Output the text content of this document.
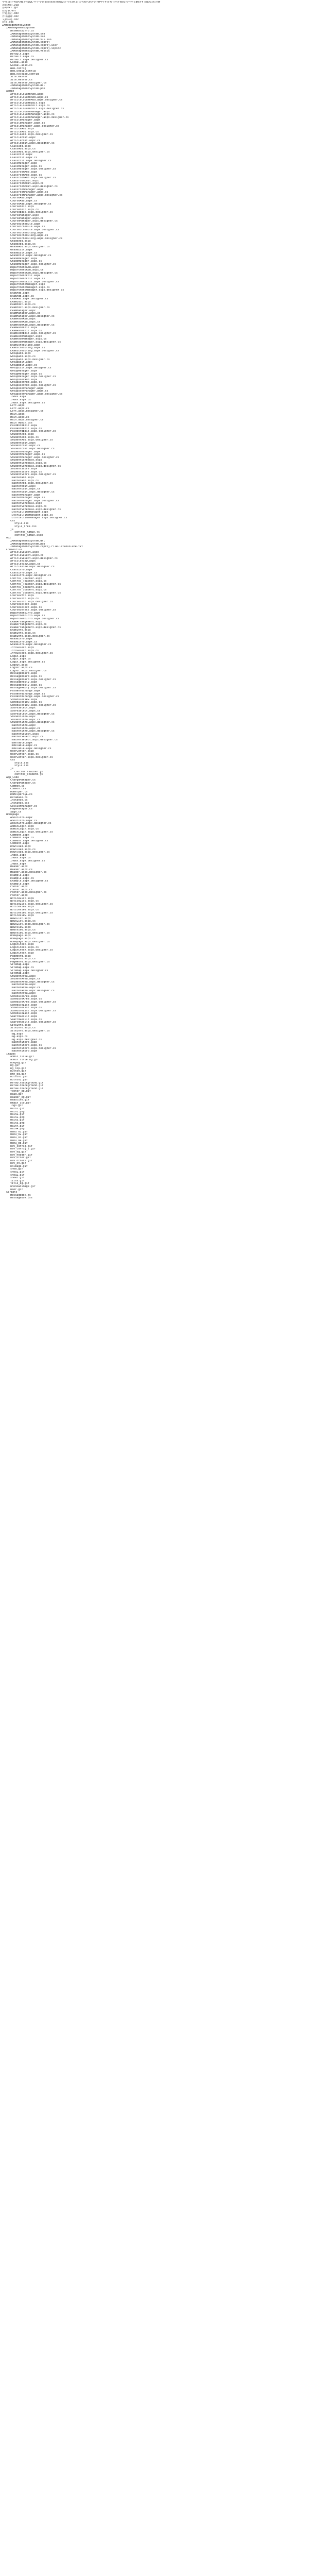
毕业设计-ASP.NET+SQL-中小学智能排课系统的设计与实现(论文+源代码+答辩PPT+任务书+开题报告+外文翻译+文献综述).rar
项目源码.zip
答辩PPT.ppt
任务书.doc
开题报告.doc
外文翻译.doc
文献综述.doc
论文.doc
ZXManagementSystem
ZXManagementSystem
AssemblyInfo.cs
ZXManagementSystem.sln
ZXManagementSystem.suo
ZXManagementSystem.v11.suo
ZXManagementSystem.csproj
ZXManagementSystem.csproj.user
ZXManagementSystem.csproj.vspscc
ZXManagementSystem.vssscc
Default.aspx
Default.aspx.cs
Default.aspx.designer.cs
Global.asax
Global.asax.cs
Web.config
Web.Debug.config
Web.Release.config
Site.Master
Site.Master.cs
Site.Master.designer.cs
ZXManagementSystem.dll
ZXManagementSystem.pdb
Admin
ArticleColumnAdd.aspx
ArticleColumnAdd.aspx.cs
ArticleColumnAdd.aspx.designer.cs
ArticleColumnEdit.aspx
ArticleColumnEdit.aspx.cs
ArticleColumnEdit.aspx.designer.cs
ArticleColumnManager.aspx
ArticleColumnManager.aspx.cs
ArticleColumnManager.aspx.designer.cs
ArticleManager.aspx
ArticleManager.aspx.cs
ArticleManager.aspx.designer.cs
ArticleAdd.aspx
ArticleAdd.aspx.cs
ArticleAdd.aspx.designer.cs
ArticleEdit.aspx
ArticleEdit.aspx.cs
ArticleEdit.aspx.designer.cs
ClassAdd.aspx
ClassAdd.aspx.cs
ClassAdd.aspx.designer.cs
ClassEdit.aspx
ClassEdit.aspx.cs
ClassEdit.aspx.designer.cs
ClassManager.aspx
ClassManager.aspx.cs
ClassManager.aspx.designer.cs
ClassroomAdd.aspx
ClassroomAdd.aspx.cs
ClassroomAdd.aspx.designer.cs
ClassroomEdit.aspx
ClassroomEdit.aspx.cs
ClassroomEdit.aspx.designer.cs
ClassroomManager.aspx
ClassroomManager.aspx.cs
ClassroomManager.aspx.designer.cs
CourseAdd.aspx
CourseAdd.aspx.cs
CourseAdd.aspx.designer.cs
CourseEdit.aspx
CourseEdit.aspx.cs
CourseEdit.aspx.designer.cs
CourseManager.aspx
CourseManager.aspx.cs
CourseManager.aspx.designer.cs
CourseSchedule.aspx
CourseSchedule.aspx.cs
CourseSchedule.aspx.designer.cs
CourseScheduling.aspx
CourseScheduling.aspx.cs
CourseScheduling.aspx.designer.cs
GradeAdd.aspx
GradeAdd.aspx.cs
GradeAdd.aspx.designer.cs
GradeEdit.aspx
GradeEdit.aspx.cs
GradeEdit.aspx.designer.cs
GradeManager.aspx
GradeManager.aspx.cs
GradeManager.aspx.designer.cs
DepartmentAdd.aspx
DepartmentAdd.aspx.cs
DepartmentAdd.aspx.designer.cs
DepartmentEdit.aspx
DepartmentEdit.aspx.cs
DepartmentEdit.aspx.designer.cs
DepartmentManager.aspx
DepartmentManager.aspx.cs
DepartmentManager.aspx.designer.cs
ExamAdd.aspx
ExamAdd.aspx.cs
ExamAdd.aspx.designer.cs
ExamEdit.aspx
ExamEdit.aspx.cs
ExamEdit.aspx.designer.cs
ExamManager.aspx
ExamManager.aspx.cs
ExamManager.aspx.designer.cs
ExamRoomAdd.aspx
ExamRoomAdd.aspx.cs
ExamRoomAdd.aspx.designer.cs
ExamRoomEdit.aspx
ExamRoomEdit.aspx.cs
ExamRoomEdit.aspx.designer.cs
ExamRoomManager.aspx
ExamRoomManager.aspx.cs
ExamRoomManager.aspx.designer.cs
ExamScheduling.aspx
ExamScheduling.aspx.cs
ExamScheduling.aspx.designer.cs
GroupAdd.aspx
GroupAdd.aspx.cs
GroupAdd.aspx.designer.cs
GroupEdit.aspx
GroupEdit.aspx.cs
GroupEdit.aspx.designer.cs
GroupManager.aspx
GroupManager.aspx.cs
GroupManager.aspx.designer.cs
GroupUserAdd.aspx
GroupUserAdd.aspx.cs
GroupUserAdd.aspx.designer.cs
GroupUserManager.aspx
GroupUserManager.aspx.cs
GroupUserManager.aspx.designer.cs
Index.aspx
Index.aspx.cs
Index.aspx.designer.cs
Left.aspx
Left.aspx.cs
Left.aspx.designer.cs
Main.aspx
Main.aspx.cs
Main.aspx.designer.cs
Main_Admin.css
PassWordEdit.aspx
PassWordEdit.aspx.cs
PassWordEdit.aspx.designer.cs
StudentAdd.aspx
StudentAdd.aspx.cs
StudentAdd.aspx.designer.cs
StudentEdit.aspx
StudentEdit.aspx.cs
StudentEdit.aspx.designer.cs
StudentManager.aspx
StudentManager.aspx.cs
StudentManager.aspx.designer.cs
StudentSchedule.aspx
StudentSchedule.aspx.cs
StudentSchedule.aspx.designer.cs
StudentScore.aspx
StudentScore.aspx.cs
StudentScore.aspx.designer.cs
TeacherAdd.aspx
TeacherAdd.aspx.cs
TeacherAdd.aspx.designer.cs
TeacherEdit.aspx
TeacherEdit.aspx.cs
TeacherEdit.aspx.designer.cs
TeacherManager.aspx
TeacherManager.aspx.cs
TeacherManager.aspx.designer.cs
TeacherSchedule.aspx
TeacherSchedule.aspx.cs
TeacherSchedule.aspx.designer.cs
TutorialTimeManager.aspx
TutorialTimeManager.aspx.cs
TutorialTimeManager.aspx.designer.cs
css
style.css
style_tree.css
js
control_Admin.js
control_Admin.aspx
obj
ZXManagementSystem.dll
ZXManagementSystem.pdb
ZXManagementSystem.csproj.FileListAbsolute.txt
CommonFile
ArticleSelect.aspx
ArticleSelect.aspx.cs
ArticleSelect.aspx.designer.cs
ArticleView.aspx
ArticleView.aspx.cs
ArticleView.aspx.designer.cs
ClassInfo.aspx
ClassInfo.aspx.cs
ClassInfo.aspx.designer.cs
Control_Teacher.aspx
Control_Teacher.aspx.cs
Control_Teacher.aspx.designer.cs
Control_Student.aspx
Control_Student.aspx.cs
Control_Student.aspx.designer.cs
CourseInfo.aspx
CourseInfo.aspx.cs
CourseInfo.aspx.designer.cs
CourseSelect.aspx
CourseSelect.aspx.cs
CourseSelect.aspx.designer.cs
DepartmentInfo.aspx
DepartmentInfo.aspx.cs
DepartmentInfo.aspx.designer.cs
ExamArrangement.aspx
ExamArrangement.aspx.cs
ExamArrangement.aspx.designer.cs
ExamInfo.aspx
ExamInfo.aspx.cs
ExamInfo.aspx.designer.cs
GradeInfo.aspx
GradeInfo.aspx.cs
GradeInfo.aspx.designer.cs
InfoSelect.aspx
InfoSelect.aspx.cs
InfoSelect.aspx.designer.cs
Login.aspx
Login.aspx.cs
Login.aspx.designer.cs
Logout.aspx
Logout.aspx.cs
Logout.aspx.designer.cs
MessageBoard.aspx
MessageBoard.aspx.cs
MessageBoard.aspx.designer.cs
MessageReply.aspx
MessageReply.aspx.cs
MessageReply.aspx.designer.cs
PassWordChange.aspx
PassWordChange.aspx.cs
PassWordChange.aspx.designer.cs
ScheduleView.aspx
ScheduleView.aspx.cs
ScheduleView.aspx.designer.cs
ScoreSelect.aspx
ScoreSelect.aspx.cs
ScoreSelect.aspx.designer.cs
StudentInfo.aspx
StudentInfo.aspx.cs
StudentInfo.aspx.designer.cs
TeacherInfo.aspx
TeacherInfo.aspx.cs
TeacherInfo.aspx.designer.cs
TeacherSelect.aspx
TeacherSelect.aspx.cs
TeacherSelect.aspx.designer.cs
TimeTable.aspx
TimeTable.aspx.cs
TimeTable.aspx.designer.cs
UserCenter.aspx
UserCenter.aspx.cs
UserCenter.aspx.designer.cs
css
style.css
style.css
js
control_teacher.js
control_student.js
App_Code
ChargeManager.cs
ChargeManager.cs
Common.cs
Common.css
DbHelper.cs
DbHelperSQL.cs
DataBase.cs
Instance.cs
Instance.css
SessionManager.cs
PageManager.cs
Sign.cs
Homepage
AboutInfo.aspx
AboutInfo.aspx.cs
AboutInfo.aspx.designer.cs
AdminLogin.aspx
AdminLogin.aspx.cs
AdminLogin.aspx.designer.cs
Comment.aspx
Comment.aspx.cs
Comment.aspx.designer.cs
Comment.aspx
Download.aspx
Download.aspx.cs
Download.aspx.designer.cs
Index.aspx
Index.aspx.cs
Index.aspx.designer.cs
Index.aspx
Header.aspx
Header.aspx.cs
Header.aspx.designer.cs
Example.aspx
Example.aspx.cs
Example.aspx.designer.cs
Example.aspx
Footer.aspx
Footer.aspx.cs
Footer.aspx.designer.cs
Footer.aspx
NoticeList.aspx
NoticeList.aspx.cs
NoticeList.aspx.designer.cs
NoticeView.aspx
NoticeView.aspx.cs
NoticeView.aspx.designer.cs
NoticeView.aspx
NewsList.aspx
NewsList.aspx.cs
NewsList.aspx.designer.cs
NewsView.aspx
NewsView.aspx.cs
NewsView.aspx.designer.cs
Homepage.aspx
Homepage.aspx.cs
Homepage.aspx.designer.cs
LoginCheck.aspx
LoginCheck.aspx.cs
LoginCheck.aspx.designer.cs
LoginCheck.aspx
PageWord.aspx
PageWord.aspx.cs
PageWord.aspx.designer.cs
Sitemap.aspx
Sitemap.aspx.cs
Sitemap.aspx.designer.cs
Sitemap.aspx
StudentArea.aspx
StudentArea.aspx.cs
StudentArea.aspx.designer.cs
TeacherArea.aspx
TeacherArea.aspx.cs
TeacherArea.aspx.designer.cs
TeacherArea.aspx
ScheduleArea.aspx
ScheduleArea.aspx.cs
ScheduleArea.aspx.designer.cs
ScheduleList.aspx
ScheduleList.aspx.cs
ScheduleList.aspx.designer.cs
ScheduleList.aspx
SearchResult.aspx
SearchResult.aspx.cs
SearchResult.aspx.designer.cs
SiteInfo.aspx
SiteInfo.aspx.cs
SiteInfo.aspx.designer.cs
Tag.aspx
Tag.aspx.cs
Tag.aspx.designer.cs
TeacherIntro.aspx
TeacherIntro.aspx.cs
TeacherIntro.aspx.designer.cs
TeacherIntro.aspx
images
admin_title.gif
admin_title_bg.gif
bodybg.gif
bg.gif
bg_top.gif
button.gif
btn_bg.gif
button1.gif
button2.gif
Defaultbackground.gif
Defaultbackground.gif
Defaultbackground.gif
footer_bg.gif
head.gif
header_bg.gif
headline.gif
hmain_ico.gif
logo.gif
main1.gif
main1.png
main2.gif
main2.png
main3.gif
main3.png
main4.gif
main4.png
menu_01.gif
menu_02.gif
menu_03.gif
menu_04.gif
menu_bg.gif
nav_config.gif
nav_config_2.gif
nav_bg.gif
nav_header.gif
nav_other.gif
nav_other2.gif
nav_on.gif
noimage.gif
show.gif
show1.gif
show2.gif
show3.gif
title.gif
title_bg.gif
unknownimage.gif
user.gif
Scripts
MessageBox.js
MessageBox.css
